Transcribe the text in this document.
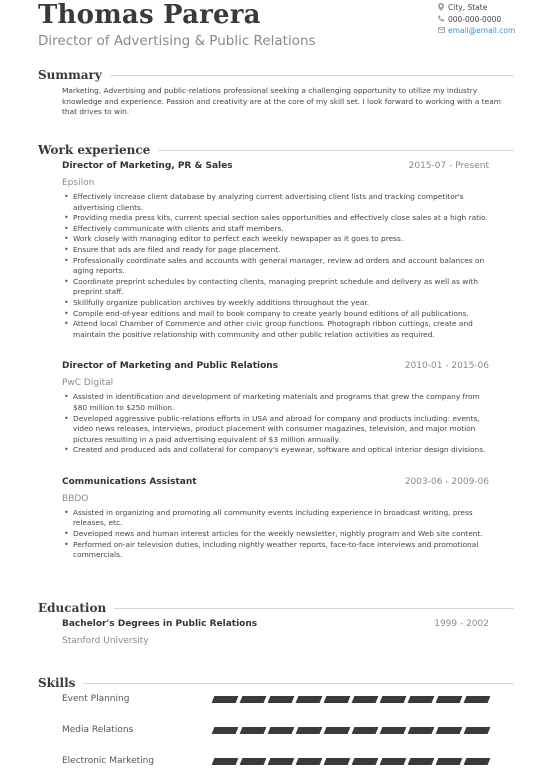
Thomas Parera
Director of Advertising & Public Relations
City, State
000-000-0000
email@email.com
Summary

Marketing, Advertising and public-relations professional seeking a challenging opportunity to utilize my industry knowledge and experience. Passion and creativity are at the core of my skill set. I look forward to working with a team that drives to win.

Work experience
Director of Marketing, PR & Sales	2015-07 - Present
Epsilon
• Effectively increase client database by analyzing current advertising client lists and tracking competitor's advertising clients.
• Providing media press kits, current special section sales opportunities and effectively close sales at a high ratio.
• Effectively communicate with clients and staff members.
• Work closely with managing editor to perfect each weekly newspaper as it goes to press.
• Ensure that ads are filed and ready for page placement.
• Professionally coordinate sales and accounts with general manager, review ad orders and account balances on aging reports.
• Coordinate preprint schedules by contacting clients, managing preprint schedule and delivery as well as with preprint staff.
• Skillfully organize publication archives by weekly additions throughout the year.
• Compile end-of-year editions and mail to book company to create yearly bound editions of all publications.
• Attend local Chamber of Commerce and other civic group functions. Photograph ribbon cuttings, create and maintain the positive relationship with community and other public relation activities as required.
Director of Marketing and Public Relations	2010-01 - 2015-06
PwC Digital
• Assisted in identification and development of marketing materials and programs that grew the company from $80 million to $250 million.
• Developed aggressive public-relations efforts in USA and abroad for company and products including: events, video news releases, interviews, product placement with consumer magazines, television, and major motion pictures resulting in a paid advertising equivalent of $3 million annually.
• Created and produced ads and collateral for company's eyewear, software and optical interior design divisions.
Communications Assistant	2003-06 - 2009-06
BBDO
• Assisted in organizing and promoting all community events including experience in broadcast writing, press releases, etc.
• Developed news and human interest articles for the weekly newsletter, nightly program and Web site content.
• Performed on-air television duties, including nightly weather reports, face-to-face interviews and promotional commercials.
Education
Bachelor's Degrees in Public Relations	1999 - 2002
Stanford University
Skills
Event Planning
Media Relations
Electronic Marketing
